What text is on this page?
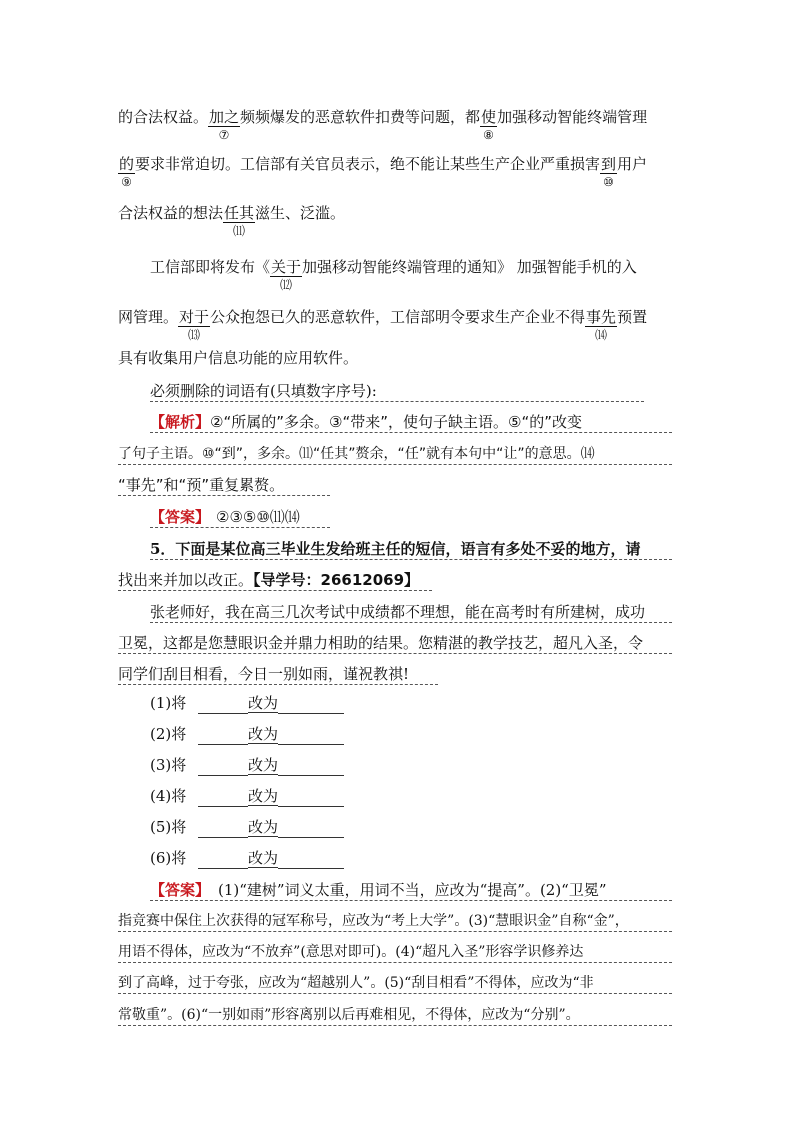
的合法权益。 加之
⑦
频频爆发的恶意软件扣费等问题，都 使
⑧
加强移动智能终端管理
的
⑨
要求非常迫切。工信部有关官员表示，绝不能让某些生产企业严重损害 到
⑩
用户
合法权益的想法 任其
⑾
滋生、泛滥。
工信部即将发布《 关于
⑿
加强移动智能终端管理的通知》 加强智能手机的入
网管理。 对于
⒀
公众抱怨已久的恶意软件，工信部明令要求生产企业不得 事先
⒁
预置
具有收集用户信息功能的应用软件。
必须删除的词语有(只填数字序号):
【解析】②“所属的”多余。③“带来”，使句子缺主语。⑤“的”改变
了句子主语。⑩“到”，多余。⑾“任其”赘余，“任”就有本句中“让”的意思。⒁
“事先”和“预”重复累赘。
【答案】 ②③⑤⑩⑾⒁
5．下面是某位高三毕业生发给班主任的短信，语言有多处不妥的地方，请
找出来并加以改正。【导学号：26612069】
张老师好，我在高三几次考试中成绩都不理想，能在高考时有所建树，成功
卫冕，这都是您慧眼识金并鼎力相助的结果。您精湛的教学技艺，超凡入圣，令
同学们刮目相看，今日一别如雨，谨祝教祺!
(1)将	改为
(2)将	改为
(3)将	改为
(4)将	改为
(5)将	改为
(6)将	改为
【答案】 (1)“建树”词义太重，用词不当，应改为“提高”。(2)“卫冕”
指竞赛中保住上次获得的冠军称号，应改为“考上大学”。(3)“慧眼识金”自称“金”，
用语不得体，应改为“不放弃”(意思对即可)。(4)“超凡入圣”形容学识修养达
到了高峰，过于夸张，应改为“超越别人”。(5)“刮目相看”不得体，应改为“非
常敬重”。(6)“一别如雨”形容离别以后再难相见，不得体，应改为“分别”。
